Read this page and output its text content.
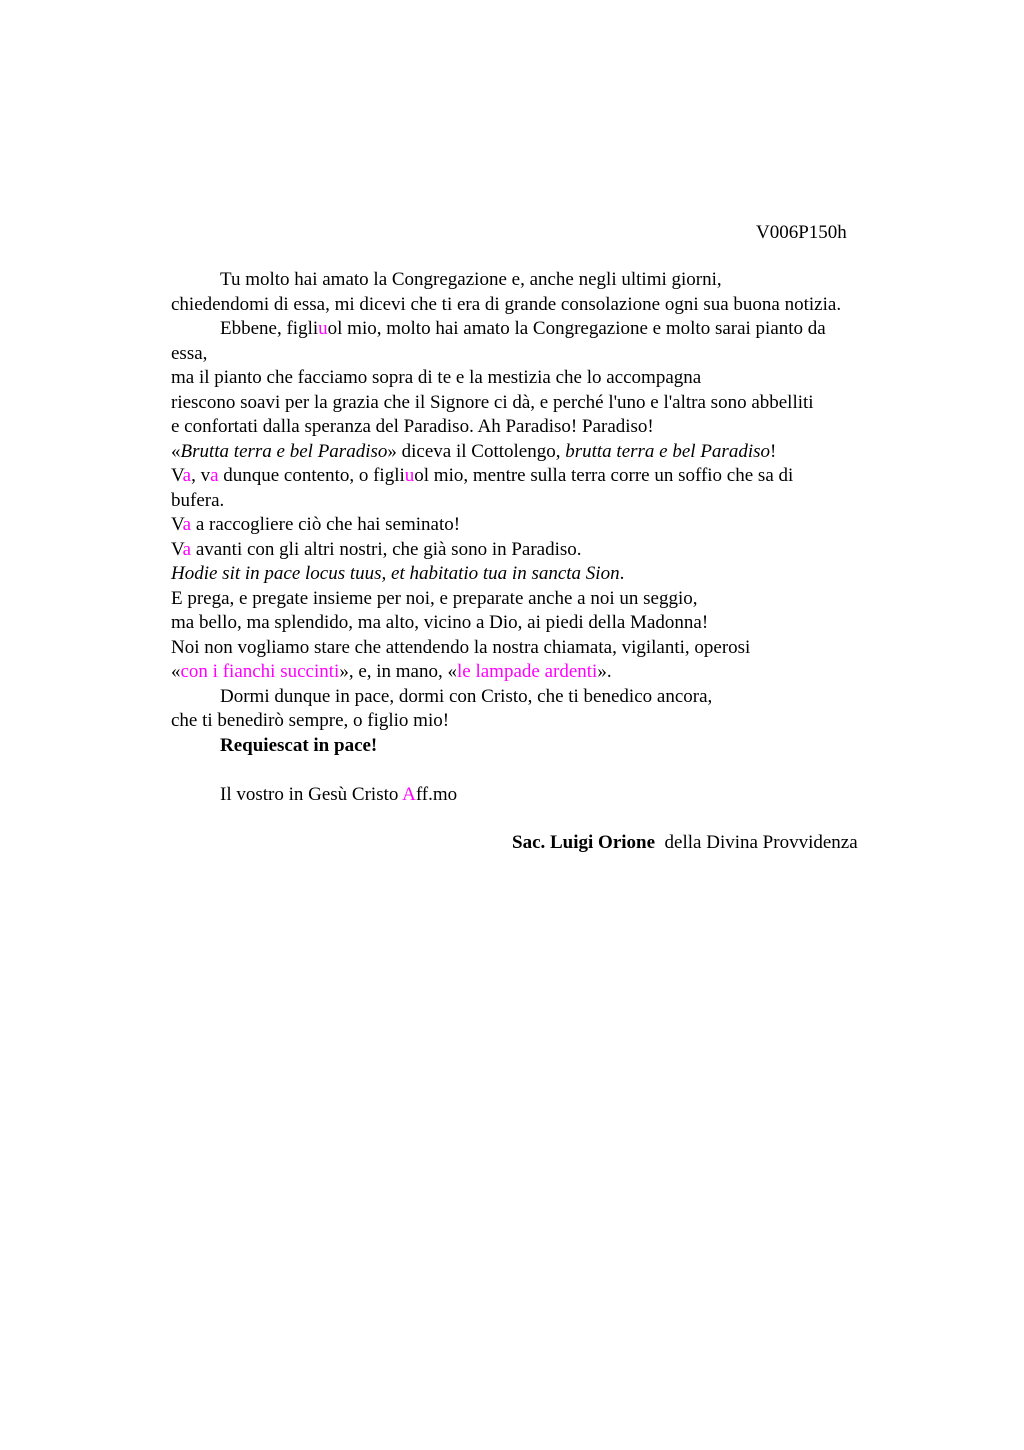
V006P150h
Tu molto hai amato la Congregazione e, anche negli ultimi giorni,
chiedendomi di essa, mi dicevi che ti era di grande consolazione ogni sua buona notizia.
Ebbene, figliuol mio, molto hai amato la Congregazione e molto sarai pianto da
essa,
ma il pianto che facciamo sopra di te e la mestizia che lo accompagna
riescono soavi per la grazia che il Signore ci dà, e perché l'uno e l'altra sono abbelliti
e confortati dalla speranza del Paradiso. Ah Paradiso! Paradiso!
«Brutta terra e bel Paradiso» diceva il Cottolengo, brutta terra e bel Paradiso!
Va, va dunque contento, o figliuol mio, mentre sulla terra corre un soffio che sa di
bufera.
Va a raccogliere ciò che hai seminato!
Va avanti con gli altri nostri, che già sono in Paradiso.
Hodie sit in pace locus tuus, et habitatio tua in sancta Sion.
E prega, e pregate insieme per noi, e preparate anche a noi un seggio,
ma bello, ma splendido, ma alto, vicino a Dio, ai piedi della Madonna!
Noi non vogliamo stare che attendendo la nostra chiamata, vigilanti, operosi
«con i fianchi succinti», e, in mano, «le lampade ardenti».
Dormi dunque in pace, dormi con Cristo, che ti benedico ancora,
che ti benedirò sempre, o figlio mio!
Requiescat in pace!
Il vostro in Gesù Cristo Aff.mo
Sac. Luigi Orione  della Divina Provvidenza
